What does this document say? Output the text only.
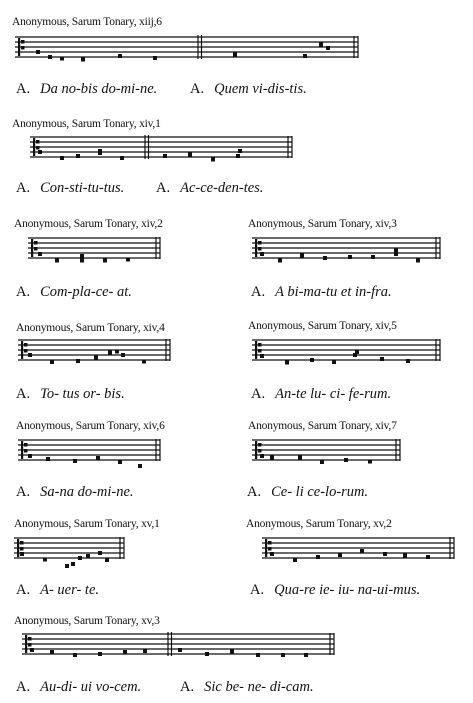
Anonymous, Sarum Tonary, xiij,6
A. Da no-bis do-mi-ne. A. Quem vi-dis-tis.
Anonymous, Sarum Tonary, xiv,1
A. Con-sti-tu-tus. A. Ac-ce-den-tes.
Anonymous, Sarum Tonary, xiv,2
A. Com-pla-ce- at.
Anonymous, Sarum Tonary, xiv,3
A. A bi-ma-tu et in-fra.
Anonymous, Sarum Tonary, xiv,4
A. To- tus or- bis.
Anonymous, Sarum Tonary, xiv,5
A. An-te lu- ci- fe-rum.
Anonymous, Sarum Tonary, xiv,6
A. Sa-na do-mi-ne.
Anonymous, Sarum Tonary, xiv,7
A. Ce- li ce-lo-rum.
Anonymous, Sarum Tonary, xv,1
A. A- uer- te.
Anonymous, Sarum Tonary, xv,2
A. Qua-re ie- iu- na-ui-mus.
Anonymous, Sarum Tonary, xv,3
A. Au-di- ui vo-cem.	A. Sic be- ne- di-cam.
